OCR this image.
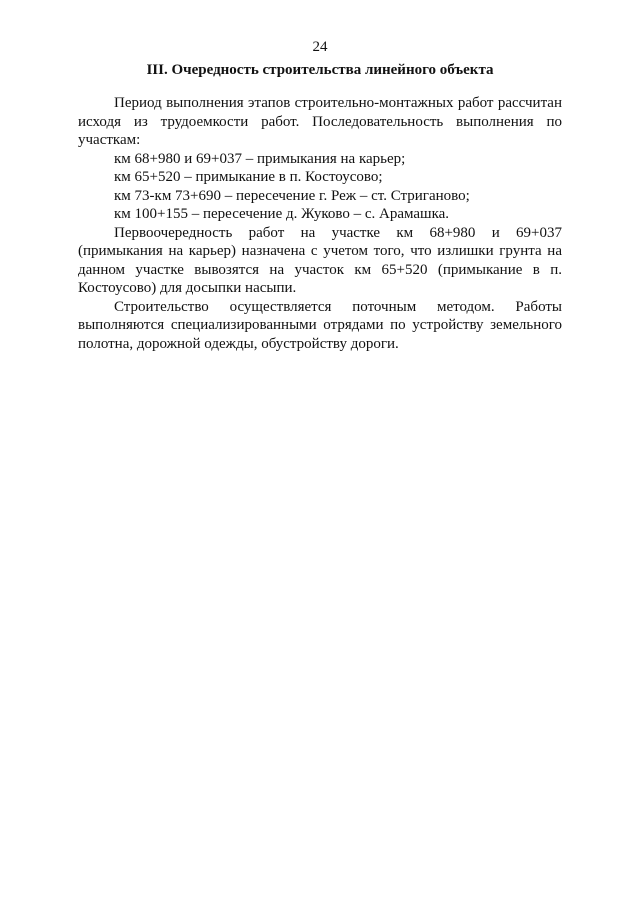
24
III. Очередность строительства линейного объекта

Период выполнения этапов строительно-монтажных работ рассчитан исходя из трудоемкости работ. Последовательность выполнения по участкам:

км 68+980 и 69+037 – примыкания на карьер;

км 65+520 – примыкание в п. Костоусово;

км 73-км 73+690 – пересечение г. Реж – ст. Стриганово;

км 100+155 – пересечение д. Жуково – с. Арамашка.

Первоочередность работ на участке км 68+980 и 69+037 (примыкания на карьер) назначена с учетом того, что излишки грунта на данном участке вывозятся на участок км 65+520 (примыкание в п. Костоусово) для досыпки насыпи.

Строительство осуществляется поточным методом. Работы выполняются специализированными отрядами по устройству земельного полотна, дорожной одежды, обустройству дороги.
